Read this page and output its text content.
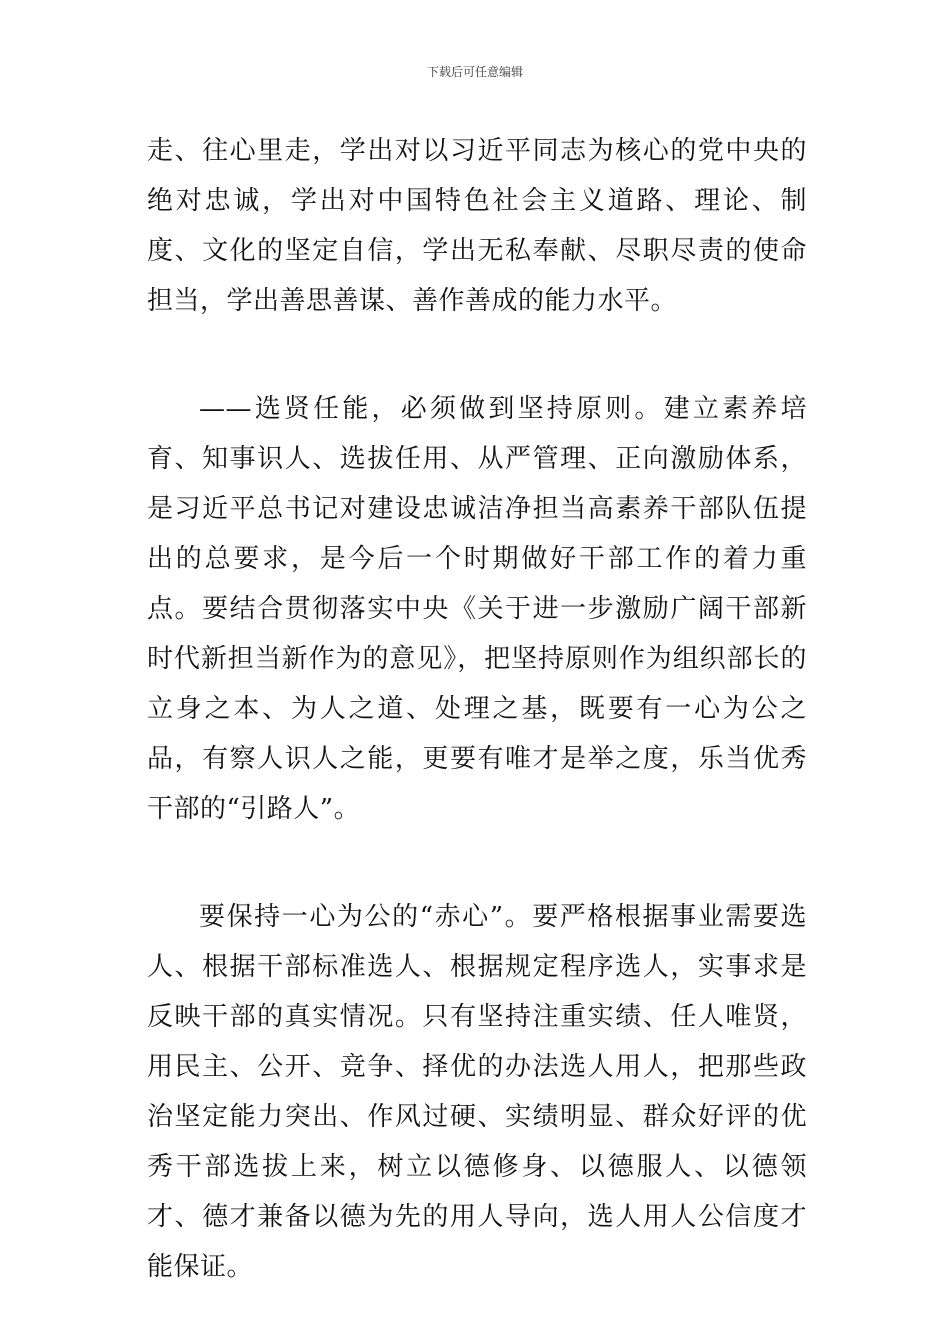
下载后可任意编辑

走、往心里走，学出对以习近平同志为核心的党中央的绝对忠诚，学出对中国特色社会主义道路、理论、制度、文化的坚定自信，学出无私奉献、尽职尽责的使命担当，学出善思善谋、善作善成的能力水平。

——选贤任能，必须做到坚持原则。建立素养培育、知事识人、选拔任用、从严管理、正向激励体系，是习近平总书记对建设忠诚洁净担当高素养干部队伍提出的总要求，是今后一个时期做好干部工作的着力重点。要结合贯彻落实中央《关于进一步激励广阔干部新时代新担当新作为的意见》，把坚持原则作为组织部长的立身之本、为人之道、处理之基，既要有一心为公之品，有察人识人之能，更要有唯才是举之度，乐当优秀干部的“引路人”。

要保持一心为公的“赤心”。要严格根据事业需要选人、根据干部标准选人、根据规定程序选人，实事求是反映干部的真实情况。只有坚持注重实绩、任人唯贤，用民主、公开、竞争、择优的办法选人用人，把那些政治坚定能力突出、作风过硬、实绩明显、群众好评的优秀干部选拔上来，树立以德修身、以德服人、以德领才、德才兼备以德为先的用人导向，选人用人公信度才能保证。
